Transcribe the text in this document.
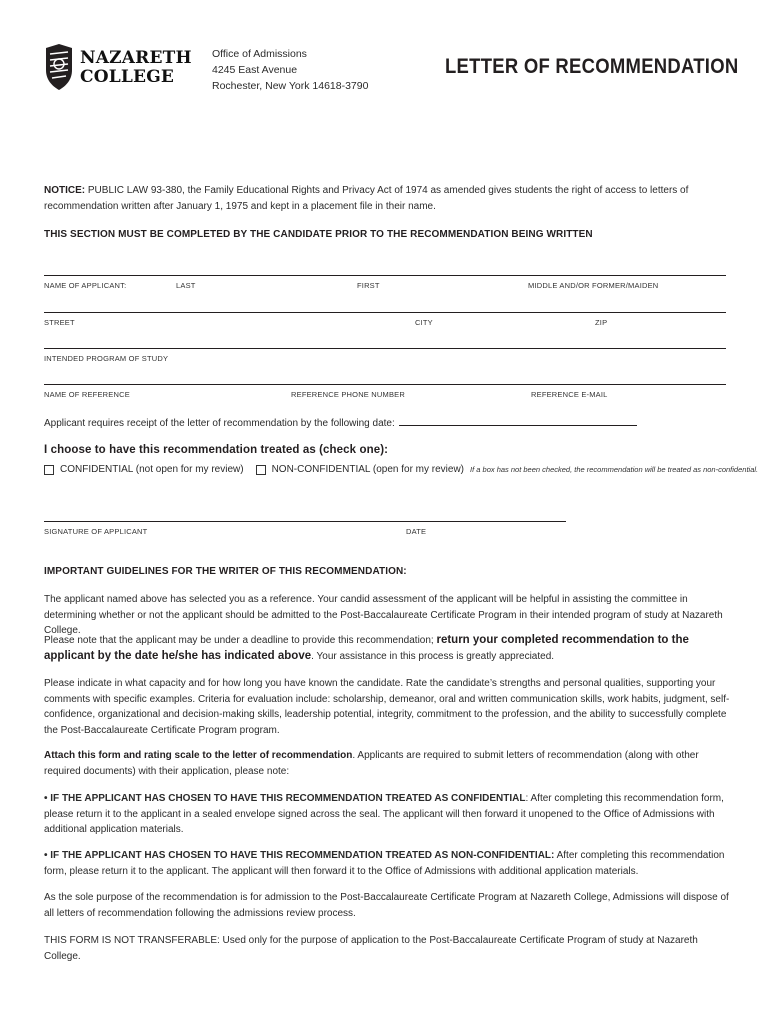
NAZARETH
COLLEGE
Office of Admissions
4245 East Avenue
Rochester, New York 14618-3790
LETTER OF RECOMMENDATION
NOTICE: PUBLIC LAW 93-380, the Family Educational Rights and Privacy Act of 1974 as amended gives students the right of access to letters of recommendation written after January 1, 1975 and kept in a placement file in their name.
THIS SECTION MUST BE COMPLETED BY THE CANDIDATE PRIOR TO THE RECOMMENDATION BEING WRITTEN
NAME OF APPLICANT:	LAST	FIRST	MIDDLE AND/OR FORMER/MAIDEN
STREET	CITY	ZIP
INTENDED PROGRAM OF STUDY
NAME OF REFERENCE	REFERENCE PHONE NUMBER	REFERENCE E-MAIL
Applicant requires receipt of the letter of recommendation by the following date:
I choose to have this recommendation treated as (check one):
CONFIDENTIAL (not open for my review)	NON-CONFIDENTIAL (open for my review) If a box has not been checked, the recommendation will be treated as non-confidential.
SIGNATURE OF APPLICANT	DATE
IMPORTANT GUIDELINES FOR THE WRITER OF THIS RECOMMENDATION:
The applicant named above has selected you as a reference. Your candid assessment of the applicant will be helpful in assisting the committee in determining whether or not the applicant should be admitted to the Post-Baccalaureate Certificate Program in their intended program of study at Nazareth College.
Please note that the applicant may be under a deadline to provide this recommendation; return your completed recommendation to the applicant by the date he/she has indicated above. Your assistance in this process is greatly appreciated.
Please indicate in what capacity and for how long you have known the candidate. Rate the candidate’s strengths and personal qualities, supporting your comments with specific examples. Criteria for evaluation include: scholarship, demeanor, oral and written communication skills, work habits, judgment, self-confidence, organizational and decision-making skills, leadership potential, integrity, commitment to the profession, and the ability to successfully complete the Post-Baccalaureate Certificate Program program.
Attach this form and rating scale to the letter of recommendation. Applicants are required to submit letters of recommendation (along with other required documents) with their application, please note:
• IF THE APPLICANT HAS CHOSEN TO HAVE THIS RECOMMENDATION TREATED AS CONFIDENTIAL: After completing this recommendation form, please return it to the applicant in a sealed envelope signed across the seal. The applicant will then forward it unopened to the Office of Admissions with additional application materials.
• IF THE APPLICANT HAS CHOSEN TO HAVE THIS RECOMMENDATION TREATED AS NON-CONFIDENTIAL: After completing this recommendation form, please return it to the applicant. The applicant will then forward it to the Office of Admissions with additional application materials.
As the sole purpose of the recommendation is for admission to the Post-Baccalaureate Certificate Program at Nazareth College, Admissions will dispose of all letters of recommendation following the admissions review process.
THIS FORM IS NOT TRANSFERABLE: Used only for the purpose of application to the Post-Baccalaureate Certificate Program of study at Nazareth College.
